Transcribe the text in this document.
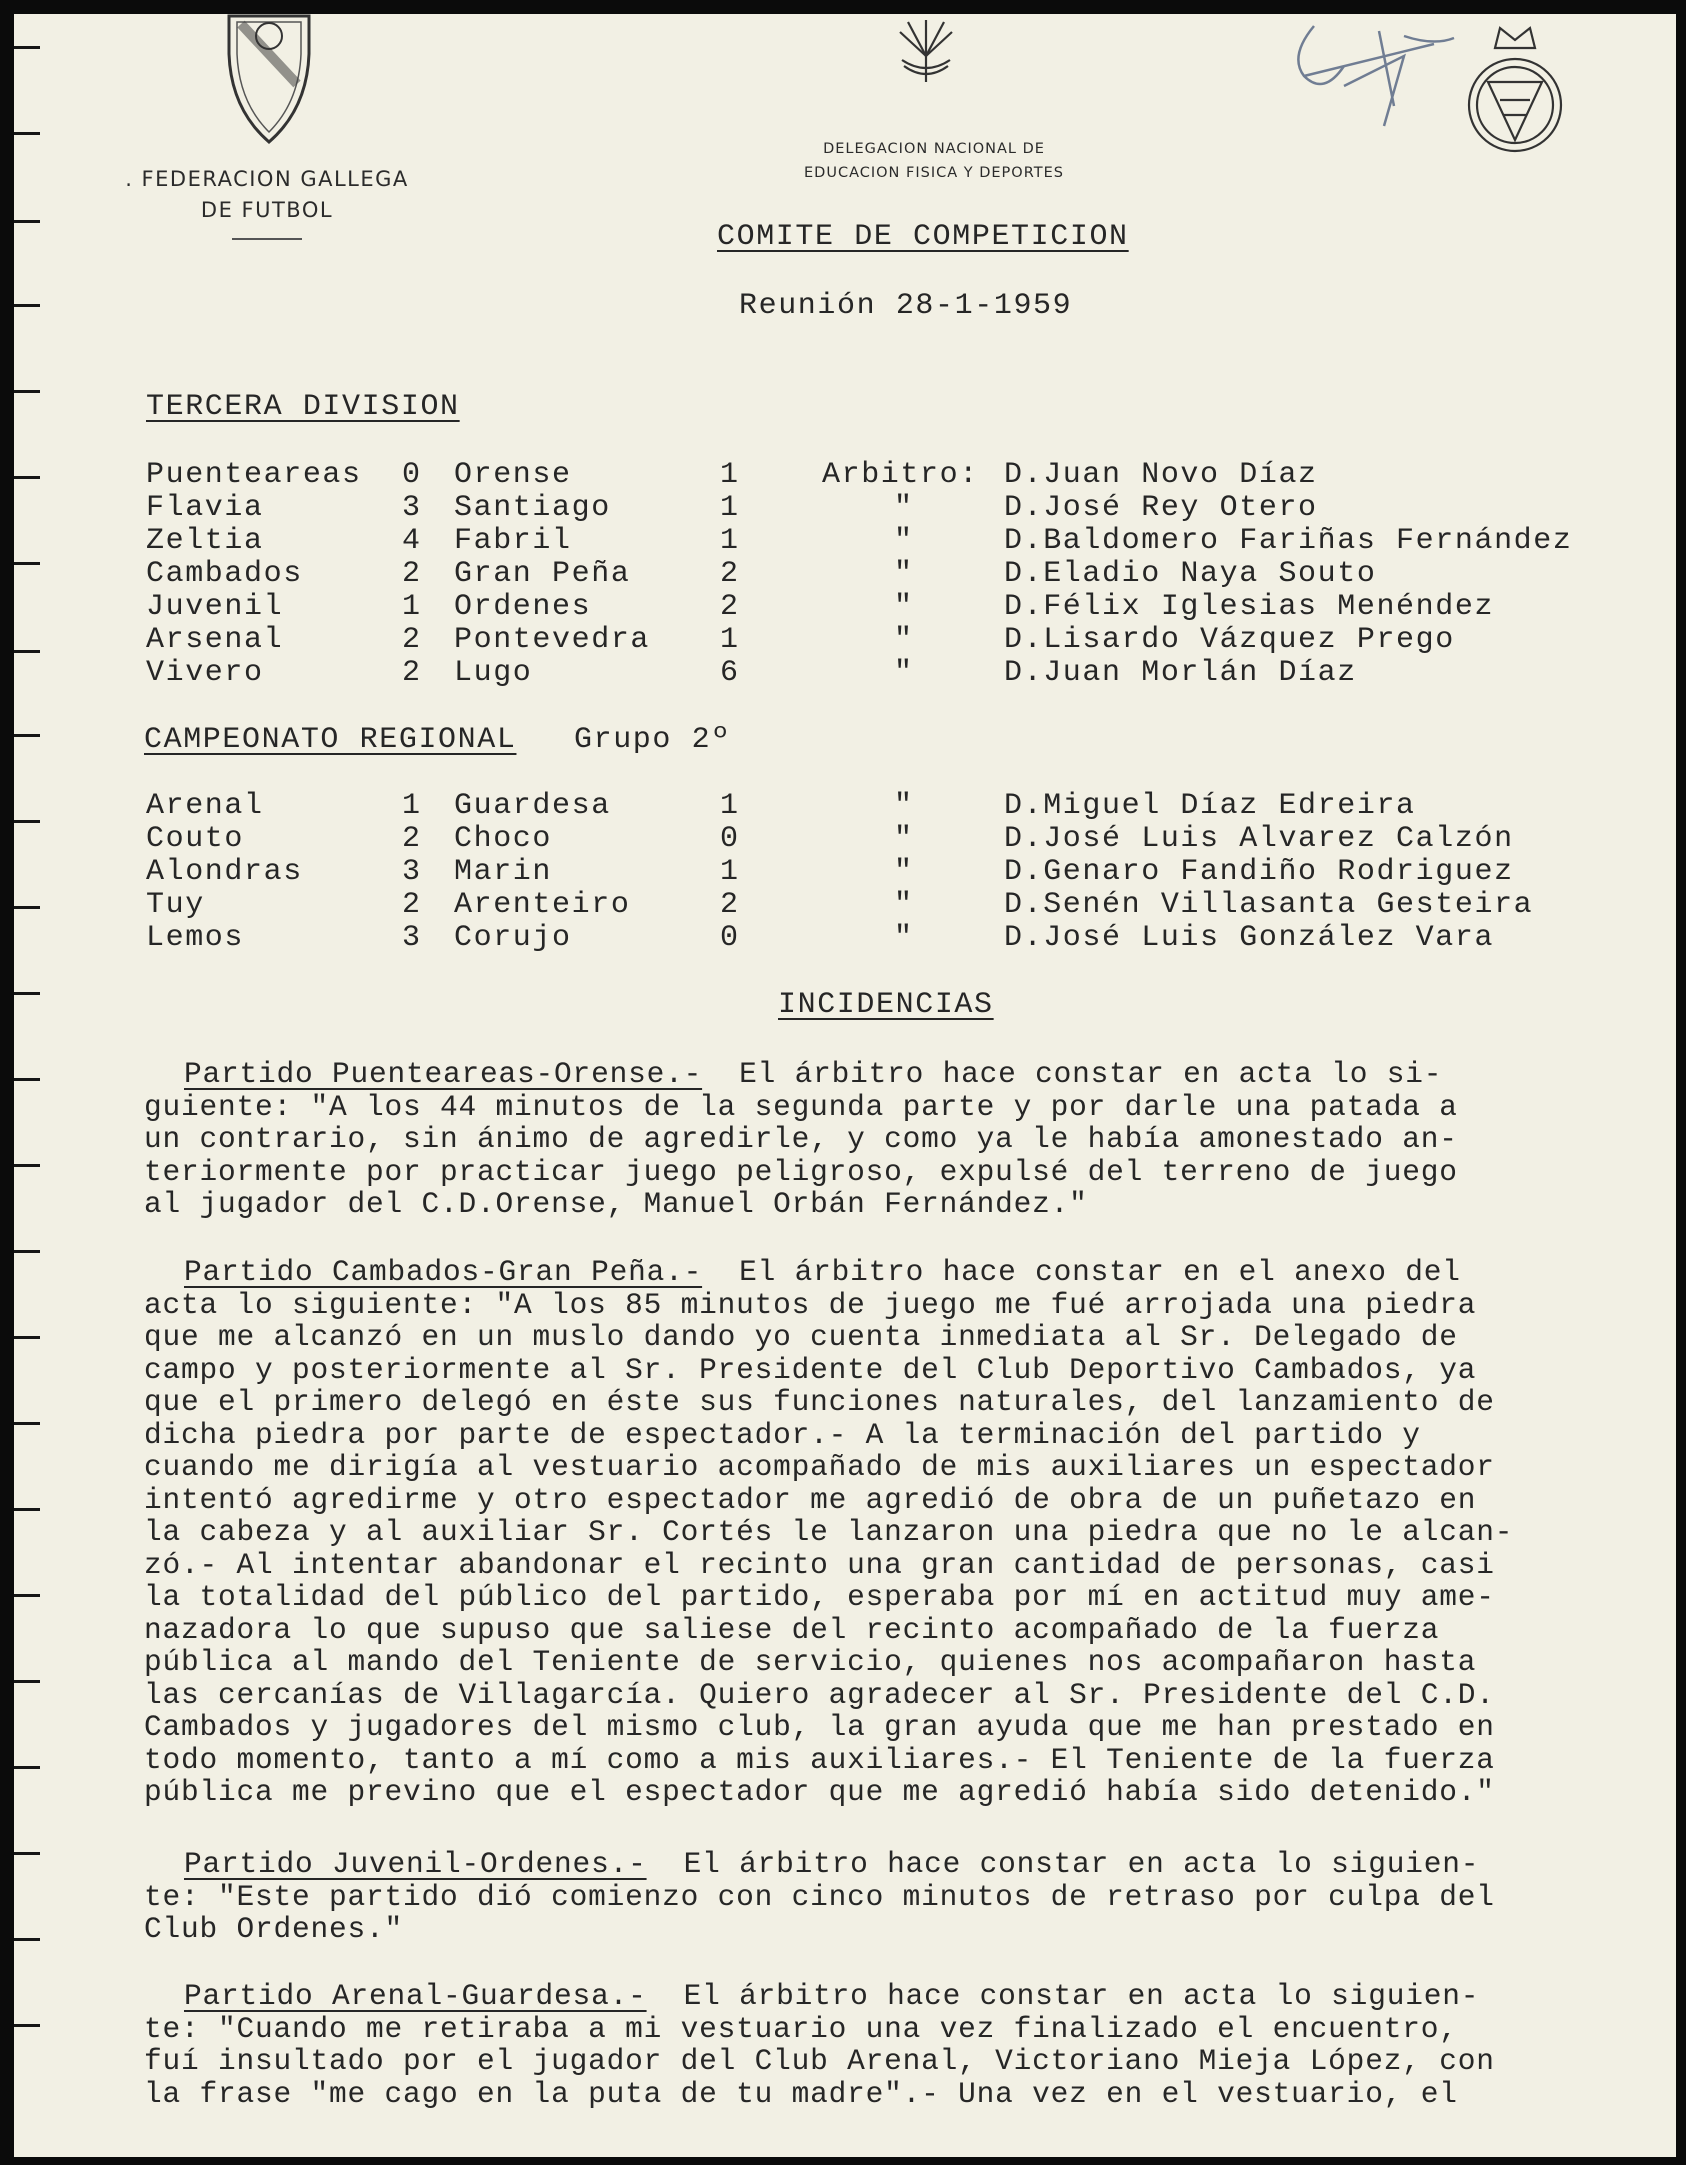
. FEDERACION GALLEGA
DE FUTBOL
DELEGACION NACIONAL DE
EDUCACION FISICA Y DEPORTES
COMITE DE COMPETICION
Reunión 28-1-1959
TERCERA DIVISION
Puenteareas 0 Orense	1	Arbitro: D.Juan Novo Díaz
Flavia	3 Santiago	1	"	D.José Rey Otero
Zeltia	4 Fabril	1	"	D.Baldomero Fariñas Fernández
Cambados	2 Gran Peña	2	"	D.Eladio Naya Souto
Juvenil	1 Ordenes	2	"	D.Félix Iglesias Menéndez
Arsenal	2 Pontevedra 1	"	D.Lisardo Vázquez Prego
Vivero	2 Lugo	6	"	D.Juan Morlán Díaz
CAMPEONATO REGIONAL Grupo 2º
Arenal	1 Guardesa	1	"	D.Miguel Díaz Edreira
Couto	2 Choco	0	"	D.José Luis Alvarez Calzón
Alondras	3 Marin	1	"	D.Genaro Fandiño Rodriguez
Tuy	2 Arenteiro	2	"	D.Senén Villasanta Gesteira
Lemos	3 Corujo	0	"	D.José Luis González Vara
INCIDENCIAS
Partido Puenteareas-Orense.-  El árbitro hace constar en acta lo si-
guiente: "A los 44 minutos de la segunda parte y por darle una patada a
un contrario, sin ánimo de agredirle, y como ya le había amonestado an-
teriormente por practicar juego peligroso, expulsé del terreno de juego
al jugador del C.D.Orense, Manuel Orbán Fernández."
Partido Cambados-Gran Peña.-  El árbitro hace constar en el anexo del
acta lo siguiente: "A los 85 minutos de juego me fué arrojada una piedra
que me alcanzó en un muslo dando yo cuenta inmediata al Sr. Delegado de
campo y posteriormente al Sr. Presidente del Club Deportivo Cambados, ya
que el primero delegó en éste sus funciones naturales, del lanzamiento de
dicha piedra por parte de espectador.- A la terminación del partido y
cuando me dirigía al vestuario acompañado de mis auxiliares un espectador
intentó agredirme y otro espectador me agredió de obra de un puñetazo en
la cabeza y al auxiliar Sr. Cortés le lanzaron una piedra que no le alcan-
zó.- Al intentar abandonar el recinto una gran cantidad de personas, casi
la totalidad del público del partido, esperaba por mí en actitud muy ame-
nazadora lo que supuso que saliese del recinto acompañado de la fuerza
pública al mando del Teniente de servicio, quienes nos acompañaron hasta
las cercanías de Villagarcía. Quiero agradecer al Sr. Presidente del C.D.
Cambados y jugadores del mismo club, la gran ayuda que me han prestado en
todo momento, tanto a mí como a mis auxiliares.- El Teniente de la fuerza
pública me previno que el espectador que me agredió había sido detenido."
Partido Juvenil-Ordenes.-  El árbitro hace constar en acta lo siguien-
te: "Este partido dió comienzo con cinco minutos de retraso por culpa del
Club Ordenes."
Partido Arenal-Guardesa.-  El árbitro hace constar en acta lo siguien-
te: "Cuando me retiraba a mi vestuario una vez finalizado el encuentro,
fuí insultado por el jugador del Club Arenal, Victoriano Mieja López, con
la frase "me cago en la puta de tu madre".- Una vez en el vestuario, el
